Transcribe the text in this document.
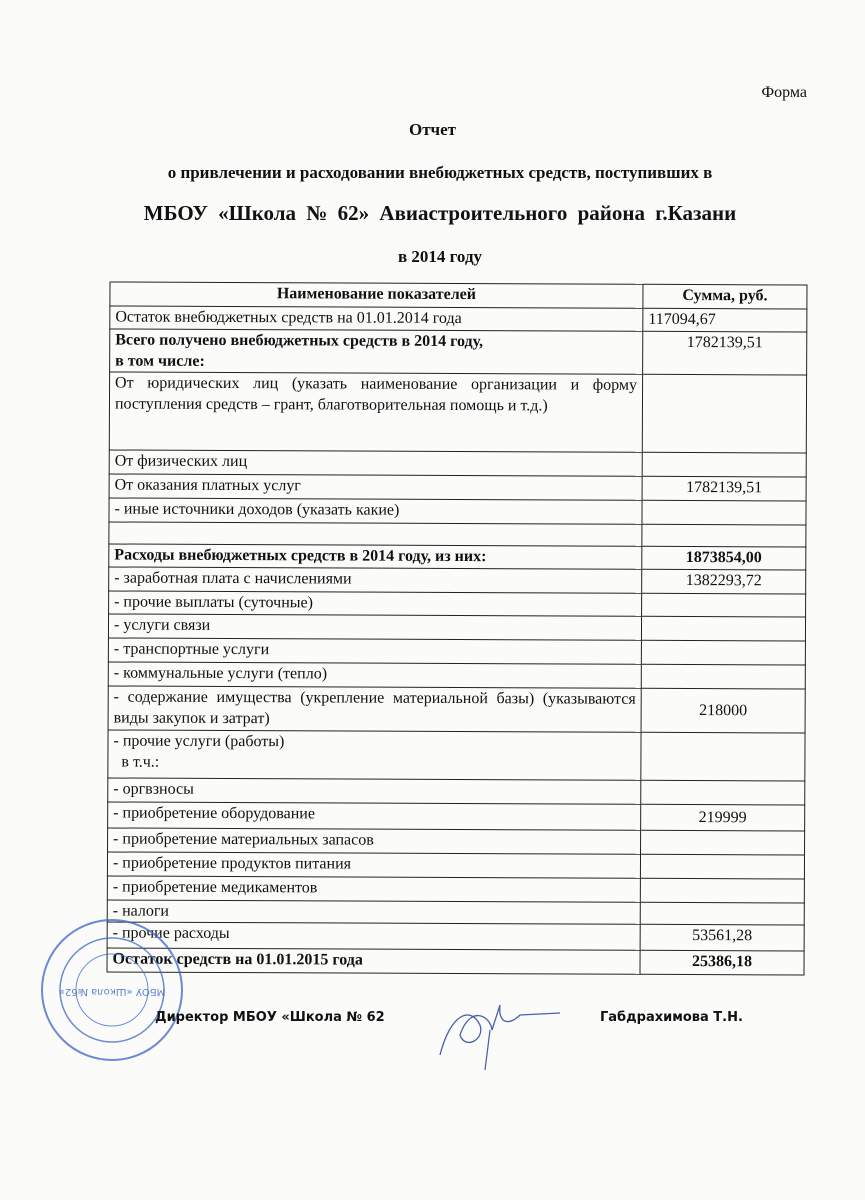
Форма
Отчет
о привлечении и расходовании внебюджетных средств, поступивших в
МБОУ «Школа № 62» Авиастроительного района г.Казани
в 2014 году
Наименование показателей	Сумма, руб.
Остаток внебюджетных средств на 01.01.2014 года	117094,67
Всего получено внебюджетных средств в 2014 году,
в том числе:	1782139,51
От юридических лиц (указать наименование организации и форму поступления средств – грант, благотворительная помощь и т.д.)	
От физических лиц	
От оказания платных услуг	1782139,51
- иные источники доходов (указать какие)	

Расходы внебюджетных средств в 2014 году, из них:	1873854,00
- заработная плата с начислениями	1382293,72
- прочие выплаты (суточные)	
- услуги связи	
- транспортные услуги	
- коммунальные услуги (тепло)	
- содержание имущества (укрепление материальной базы) (указываются виды закупок и затрат)	218000
- прочие услуги (работы)
в т.ч.:	
- оргвзносы	
- приобретение оборудование	219999
- приобретение материальных запасов	
- приобретение продуктов питания	
- приобретение медикаментов	
- налоги	
- прочие расходы	53561,28
Остаток средств на 01.01.2015 года	25386,18
МБОУ «Школа №62»
Директор МБОУ «Школа № 62	Габдрахимова Т.Н.
